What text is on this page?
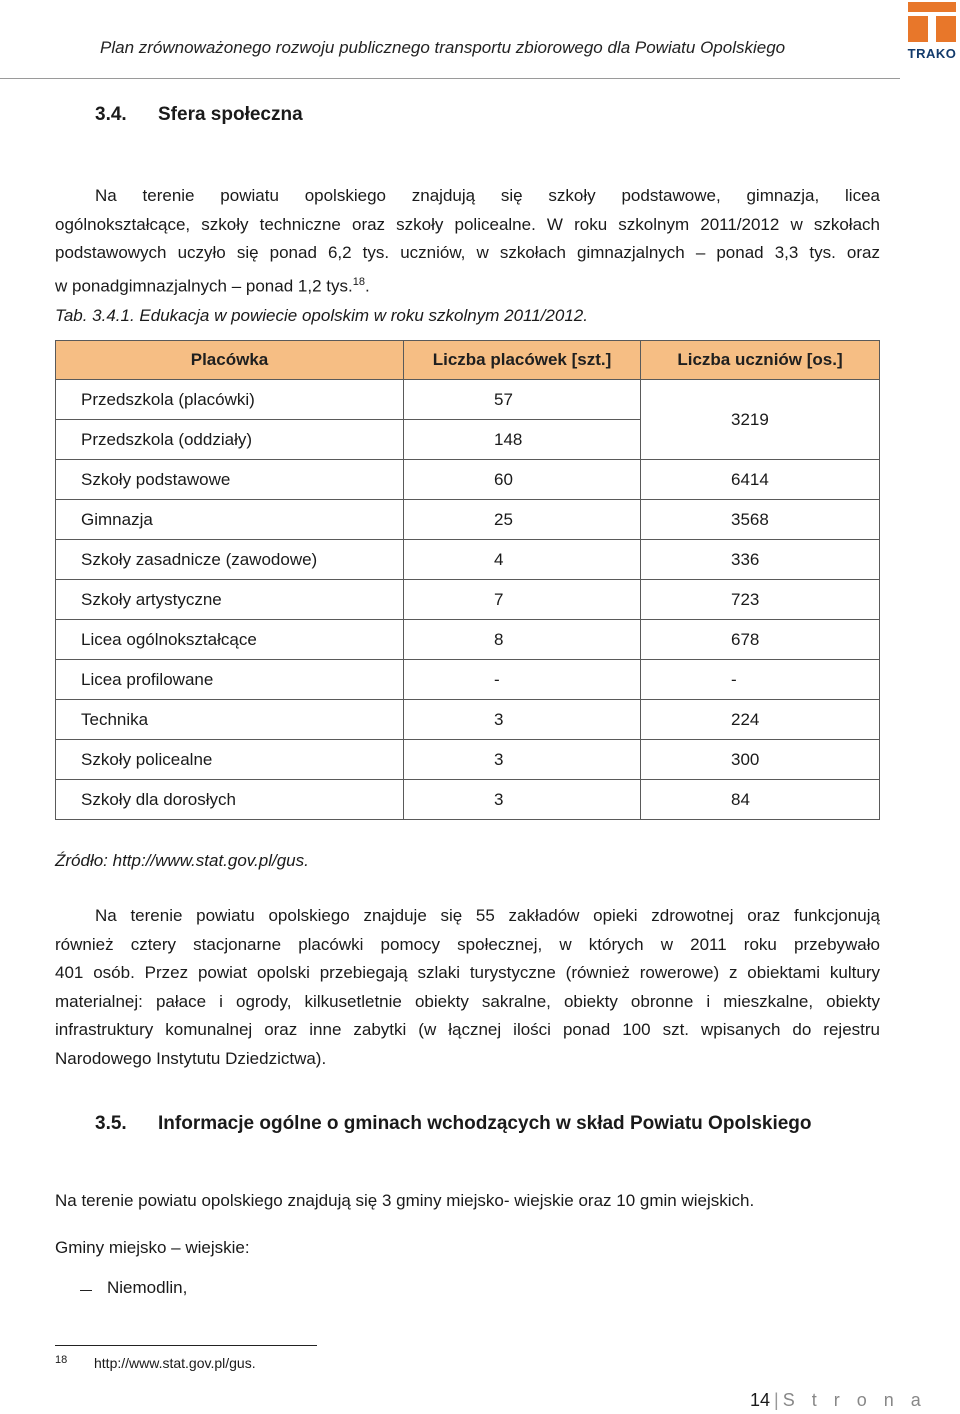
Plan zrównoważonego rozwoju publicznego transportu zbiorowego dla Powiatu Opolskiego	TRAKO
3.4. Sfera społeczna
Na terenie powiatu opolskiego znajdują się szkoły podstawowe, gimnazja, licea
ogólnokształcące, szkoły techniczne oraz szkoły policealne. W roku szkolnym 2011/2012 w szkołach
podstawowych uczyło się ponad 6,2 tys. uczniów, w szkołach gimnazjalnych – ponad 3,3 tys. oraz
w ponadgimnazjalnych – ponad 1,2 tys.$^{18}$.
Tab. 3.4.1. Edukacja w powiecie opolskim w roku szkolnym 2011/2012.
Placówka	Liczba placówek [szt.]	Liczba uczniów [os.]
Przedszkola (placówki)	57	3219
Przedszkola (oddziały)	148	
Szkoły podstawowe	60	6414
Gimnazja	25	3568
Szkoły zasadnicze (zawodowe)	4	336
Szkoły artystyczne	7	723
Licea ogólnokształcące	8	678
Licea profilowane	-	-
Technika	3	224
Szkoły policealne	3	300
Szkoły dla dorosłych	3	84
Źródło: http://www.stat.gov.pl/gus.
Na terenie powiatu opolskiego znajduje się 55 zakładów opieki zdrowotnej oraz funkcjonują
również cztery stacjonarne placówki pomocy społecznej, w których w 2011 roku przebywało
401 osób. Przez powiat opolski przebiegają szlaki turystyczne (również rowerowe) z obiektami kultury
materialnej: pałace i ogrody, kilkusetletnie obiekty sakralne, obiekty obronne i mieszkalne, obiekty
infrastruktury komunalnej oraz inne zabytki (w łącznej ilości ponad 100 szt. wpisanych do rejestru
Narodowego Instytutu Dziedzictwa).
3.5. Informacje ogólne o gminach wchodzących w skład Powiatu Opolskiego
Na terenie powiatu opolskiego znajdują się 3 gminy miejsko- wiejskie oraz 10 gmin wiejskich.
Gminy miejsko – wiejskie:
Niemodlin,
18 http://www.stat.gov.pl/gus.
14 | S t r o n a
